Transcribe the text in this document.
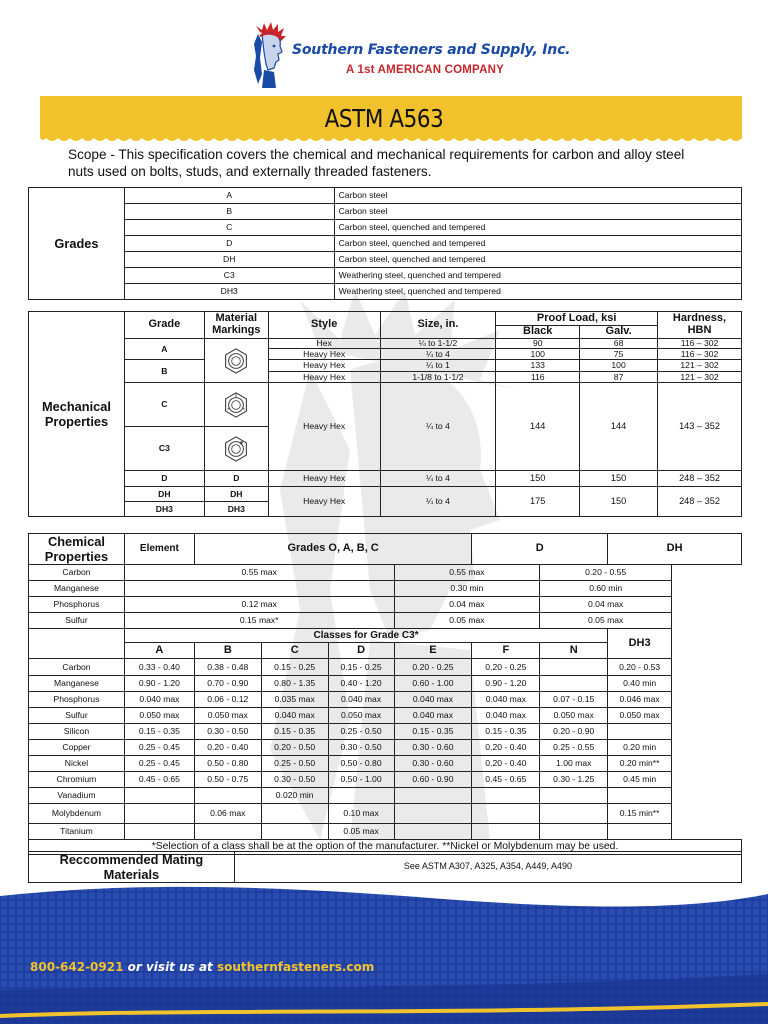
Southern Fasteners and Supply, Inc.
A 1st AMERICAN COMPANY
ASTM A563
Scope - This specification covers the chemical and mechanical requirements for carbon and alloy steel nuts used on bolts, studs, and externally threaded fasteners.
Grades	A	Carbon steel
	B	Carbon steel
	C	Carbon steel, quenched and tempered
	D	Carbon steel, quenched and tempered
	DH	Carbon steel, quenched and tempered
	C3	Weathering steel, quenched and tempered
	DH3	Weathering steel, quenched and tempered
Mechanical Properties	Grade	Material Markings	Style	Size, in.	Proof Load, ksi		Hardness, HBN
					Black	Galv.	
	A		Hex	¼ to 1-1/2	90	68	116 – 302
			Heavy Hex	¼ to 4	100	75	116 – 302
	B		Heavy Hex	¼ to 1	133	100	121 – 302
			Heavy Hex	1-1/8 to 1-1/2	116	87	121 – 302
	C		Heavy Hex	¼ to 4	144	144	143 – 352
	C3	

	D	D	Heavy Hex	¼ to 4	150	150	248 – 352
	DH	DH	Heavy Hex	¼ to 4	175	150	248 – 352
	DH3	DH3					
Chemical Properties	Element	Grades O, A, B, C				D		DH
Carbon	0.55 max				0.55 max		0.20 - 0.55	
Manganese					0.30 min		0.60 min	
Phosphorus	0.12 max				0.04 max		0.04 max	
Sulfur	0.15 max*				0.05 max		0.05 max	
	Classes for Grade C3*							DH3
	A	B	C	D	E	F	N	
Carbon	0.33 - 0.40	0.38 - 0.48	0.15 - 0.25	0.15 - 0.25	0.20 - 0.25	0.20 - 0.25		0.20 - 0.53
Manganese	0.90 - 1.20	0.70 - 0.90	0.80 - 1.35	0.40 - 1.20	0.60 - 1.00	0.90 - 1.20		0.40 min
Phosphorus	0.040 max	0.06 - 0.12	0.035 max	0.040 max	0.040 max	0.040 max	0.07 - 0.15	0.046 max
Sulfur	0.050 max	0.050 max	0.040 max	0.050 max	0.040 max	0.040 max	0.050 max	0.050 max
Silicon	0.15 - 0.35	0.30 - 0.50	0.15 - 0.35	0.25 - 0.50	0.15 - 0.35	0.15 - 0.35	0.20 - 0.90	
Copper	0.25 - 0.45	0.20 - 0.40	0.20 - 0.50	0.30 - 0.50	0.30 - 0.60	0.20 - 0.40	0.25 - 0.55	0.20 min
Nickel	0.25 - 0.45	0.50 - 0.80	0.25 - 0.50	0.50 - 0.80	0.30 - 0.60	0.20 - 0.40	1.00 max	0.20 min**
Chromium	0.45 - 0.65	0.50 - 0.75	0.30 - 0.50	0.50 - 1.00	0.60 - 0.90	0.45 - 0.65	0.30 - 1.25	0.45 min
Vanadium			0.020 min					
Molybdenum		0.06 max		0.10 max				0.15 min**
Titanium				0.05 max				
*Selection of a class shall be at the option of the manufacturer. **Nickel or Molybdenum may be used.								
Reccommended Mating Materials	See ASTM A307, A325, A354, A449, A490
800-642-0921 or visit us at southernfasteners.com
